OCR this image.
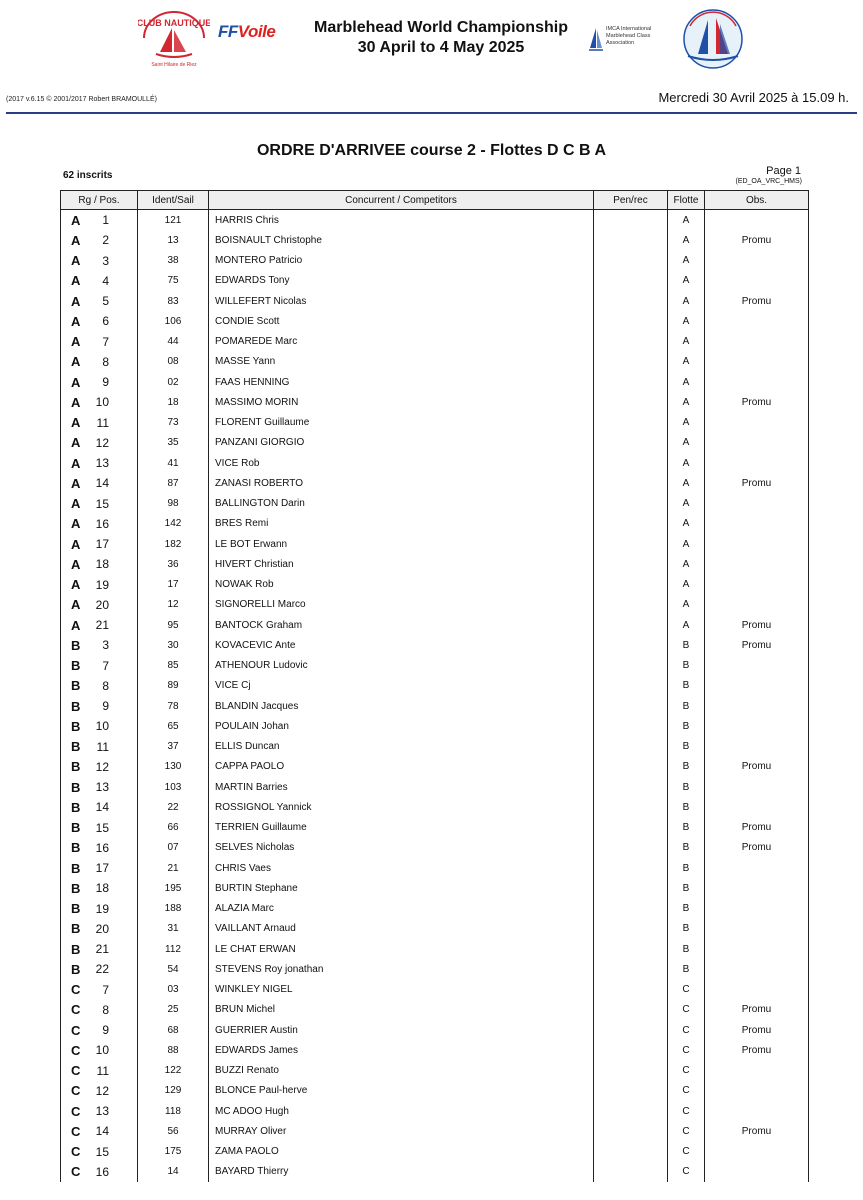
CLUB NAUTIQUE
Saint Hilaire de Riez
FFVoile	Marblehead World Championship
30 April to 4 May 2025
IMCA International Marblehead Class Association
(2017 v.6.15 © 2001/2017 Robert BRAMOULLÉ)	Mercredi 30 Avril 2025 à 15.09 h.
ORDRE D'ARRIVEE course 2 - Flottes D C B A
62 inscrits	Page 1
(ED_OA_VRC_HMS)
Rg / Pos.	Ident/Sail	Concurrent / Competitors	Pen/rec	Flotte	Obs.
A	1	121	HARRIS Chris	A
A	2	13	BOISNAULT Christophe	A	Promu
A	3	38	MONTERO Patricio	A
A	4	75	EDWARDS Tony	A
A	5	83	WILLEFERT Nicolas	A	Promu
A	6	106	CONDIE Scott	A
A	7	44	POMAREDE Marc	A
A	8	08	MASSE Yann	A
A	9	02	FAAS HENNING	A
A	10	18	MASSIMO MORIN	A	Promu
A	11	73	FLORENT Guillaume	A
A	12	35	PANZANI GIORGIO	A
A	13	41	VICE Rob	A
A	14	87	ZANASI ROBERTO	A	Promu
A	15	98	BALLINGTON Darin	A
A	16	142	BRES Remi	A
A	17	182	LE BOT Erwann	A
A	18	36	HIVERT Christian	A
A	19	17	NOWAK Rob	A
A	20	12	SIGNORELLI Marco	A
A	21	95	BANTOCK Graham	A	Promu
B	3	30	KOVACEVIC Ante	B	Promu
B	7	85	ATHENOUR Ludovic	B
B	8	89	VICE Cj	B
B	9	78	BLANDIN Jacques	B
B	10	65	POULAIN Johan	B
B	11	37	ELLIS Duncan	B
B	12	130	CAPPA PAOLO	B	Promu
B	13	103	MARTIN Barries	B
B	14	22	ROSSIGNOL Yannick	B
B	15	66	TERRIEN Guillaume	B	Promu
B	16	07	SELVES Nicholas	B	Promu
B	17	21	CHRIS Vaes	B
B	18	195	BURTIN Stephane	B
B	19	188	ALAZIA Marc	B
B	20	31	VAILLANT Arnaud	B
B	21	112	LE CHAT ERWAN	B
B	22	54	STEVENS Roy jonathan	B
C	7	03	WINKLEY NIGEL	C
C	8	25	BRUN Michel	C	Promu
C	9	68	GUERRIER Austin	C	Promu
C	10	88	EDWARDS James	C	Promu
C	11	122	BUZZI Renato	C
C	12	129	BLONCE Paul-herve	C
C	13	118	MC ADOO Hugh	C
C	14	56	MURRAY Oliver	C	Promu
C	15	175	ZAMA PAOLO	C
C	16	14	BAYARD Thierry	C
